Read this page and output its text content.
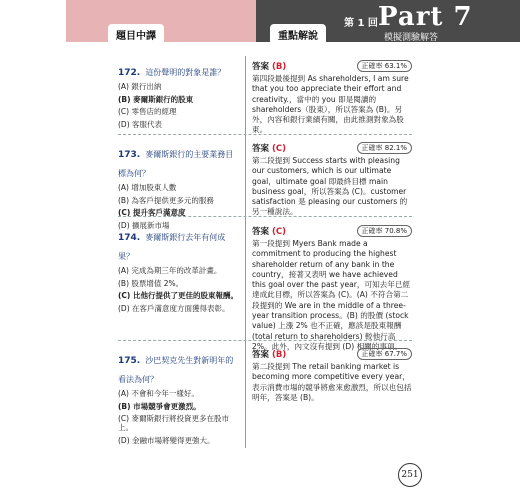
題目中譯	重點解說
第 1 回 Part 7
模擬測驗解答
172. 這份聲明的對象是誰？
(A) 銀行出納
(B) 麥爾斯銀行的股東
(C) 零售店的經理
(D) 客服代表
答案 (B)	正確率 63.1%
第四段最後提到 As shareholders, I am sure that you too appreciate their effort and creativity.，當中的 you 即是閱讀的 shareholders（股東），所以答案為 (B)。另外，內容和銀行業績有關，由此推測對象為股東。
173. 麥爾斯銀行的主要業務目標為何？
(A) 增加股東人數
(B) 為客戶提供更多元的服務
(C) 提升客戶滿意度
(D) 擴展新市場
答案 (C)	正確率 82.1%
第二段提到 Success starts with pleasing our customers, which is our ultimate goal，ultimate goal 即最終目標 main business goal，所以答案為 (C)。customer satisfaction 是 pleasing our customers 的另一種說法。
174. 麥爾斯銀行去年有何成果？
(A) 完成為期三年的改革計畫。
(B) 股票增值 2%。
(C) 比他行提供了更佳的股東報酬。
(D) 在客戶滿意度方面獲得表彰。
答案 (C)	正確率 70.8%
第一段提到 Myers Bank made a commitment to producing the highest shareholder return of any bank in the country，接著又表明 we have achieved this goal over the past year，可知去年已經達成此目標，所以答案為 (C)。(A) 不符合第二段提到的 We are in the middle of a three-year transition process。(B) 的股價 (stock value) 上漲 2% 也不正確，應該是股東報酬 (total return to shareholders) 較他行高 2%。此外，內文沒有提到 (D) 相關的事項。
175. 沙巴契克先生對新明年的看法為何？
(A) 不會和今年一樣好。
(B) 市場競爭會更激烈。
(C) 麥爾斯銀行將投資更多在股市上。
(D) 金融市場將變得更強大。
答案 (B)	正確率 67.7%
第二段提到 The retail banking market is becoming more competitive every year，表示消費市場的競爭將愈來愈激烈，所以也包括明年，答案是 (B)。
251
